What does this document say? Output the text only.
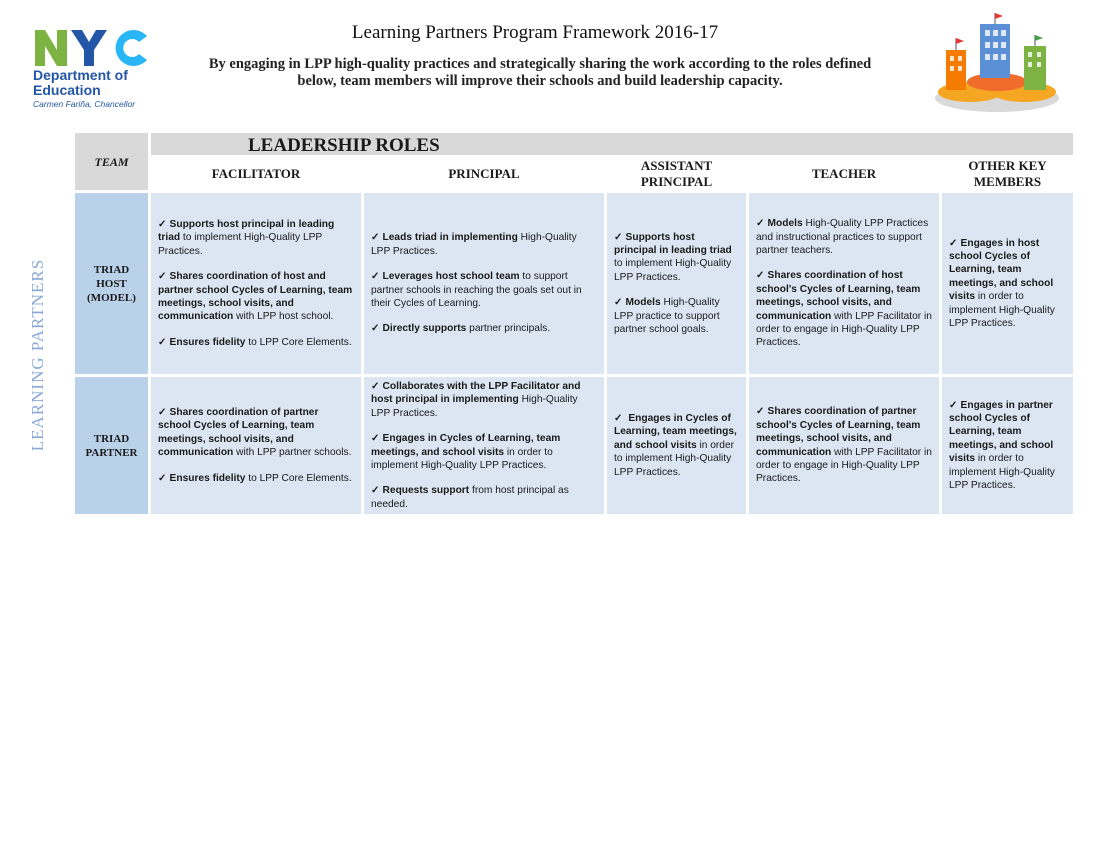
Department of
Education
Carmen Fariña, Chancellor
Learning Partners Program Framework 2016-17
By engaging in LPP high-quality practices and strategically sharing the work according to the roles defined below, team members will improve their schools and build leadership capacity.
LEARNING PARTNERS
TEAM
LEADERSHIP ROLES
FACILITATOR	PRINCIPAL
ASSISTANT PRINCIPAL
TEACHER
OTHER KEY MEMBERS
TRIAD HOST (MODEL)
✓ Supports host principal in leading triad to implement High-Quality LPP Practices.
✓ Shares coordination of host and partner school Cycles of Learning, team meetings, school visits, and communication with LPP host school.
✓ Ensures fidelity to LPP Core Elements.
✓ Leads triad in implementing High-Quality LPP Practices.
✓ Leverages host school team to support partner schools in reaching the goals set out in their Cycles of Learning.
✓ Directly supports partner principals.
✓ Supports host principal in leading triad to implement High-Quality LPP Practices.
✓ Models High-Quality LPP practice to support partner school goals.
✓ Models High-Quality LPP Practices and instructional practices to support partner teachers.
✓ Shares coordination of host school's Cycles of Learning, team meetings, school visits, and communication with LPP Facilitator in order to engage in High-Quality LPP Practices.
✓ Engages in host school Cycles of Learning, team meetings, and school visits in order to implement High-Quality LPP Practices.
TRIAD PARTNER
✓ Shares coordination of partner school Cycles of Learning, team meetings, school visits, and communication with LPP partner schools.
✓ Ensures fidelity to LPP Core Elements.
✓ Collaborates with the LPP Facilitator and host principal in implementing High-Quality LPP Practices.
✓ Engages in Cycles of Learning, team meetings, and school visits in order to implement High-Quality LPP Practices.
✓ Requests support from host principal as needed.
✓ Engages in Cycles of Learning, team meetings, and school visits in order to implement High-Quality LPP Practices.
✓ Shares coordination of partner school's Cycles of Learning, team meetings, school visits, and communication with LPP Facilitator in order to engage in High-Quality LPP Practices.
✓ Engages in partner school Cycles of Learning, team meetings, and school visits in order to implement High-Quality LPP Practices.
